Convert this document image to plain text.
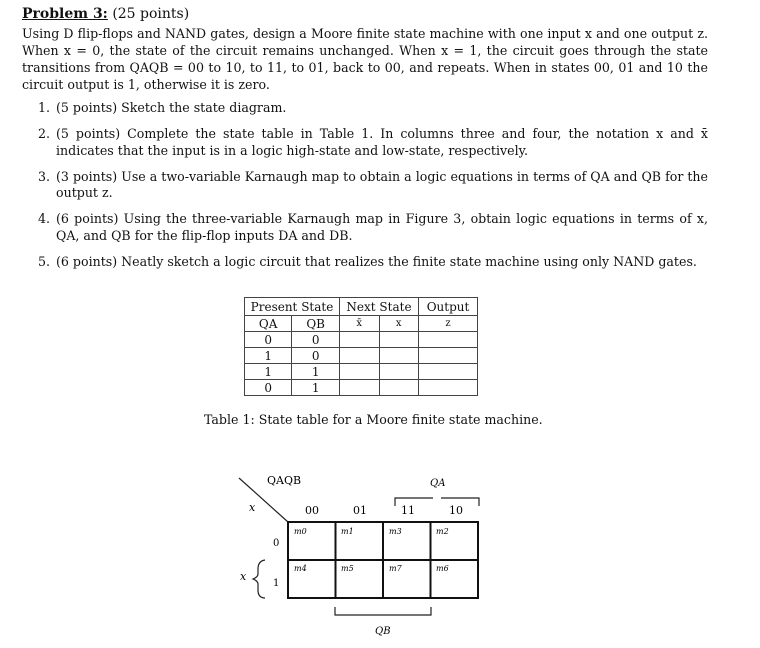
Problem 3: (25 points)
Using D flip-flops and NAND gates, design a Moore finite state machine with one input x and one output z. When x = 0, the state of the circuit remains unchanged. When x = 1, the circuit goes through the state transitions from QAQB = 00 to 10, to 11, to 01, back to 00, and repeats. When in states 00, 01 and 10 the circuit output is 1, otherwise it is zero.
1. (5 points) Sketch the state diagram.
2. (5 points) Complete the state table in Table 1. In columns three and four, the notation x and x̄ indicates that the input is in a logic high-state and low-state, respectively.
3. (3 points) Use a two-variable Karnaugh map to obtain a logic equations in terms of QA and QB for the output z.
4. (6 points) Using the three-variable Karnaugh map in Figure 3, obtain logic equations in terms of x, QA, and QB for the flip-flop inputs DA and DB.
5. (6 points) Neatly sketch a logic circuit that realizes the finite state machine using only NAND gates.
Present State		Next State		Output
QA	QB	x̄	x	z
0	0			
1	0			
1	1			
0	1			
Table 1: State table for a Moore finite state machine.
QAQB
x
QA
00	01	11	10
0
1
m0	m1	m3	m2
m4	m5	m7	m6
x
QB
